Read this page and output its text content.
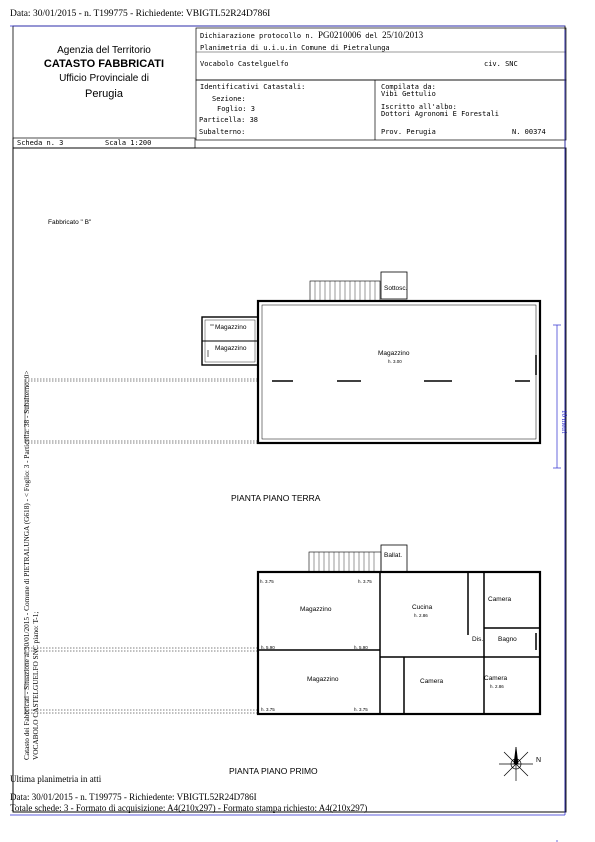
Data: 30/01/2015 - n. T199775 - Richiedente: VBIGTL52R24D786I
Agenzia del Territorio
CATASTO FABBRICATI
Ufficio Provinciale di
Perugia
Dichiarazione protocollo n. PG0210006 del 25/10/2013
Planimetria di u.i.u.in Comune di Pietralunga
Vocabolo Castelguelfo	civ. SNC
Identificativi Catastali:
Sezione:
Foglio: 3
Particella: 38
Subalterno:
Compilata da:
Vibi Gettulio
Iscritto all'albo:
Dottori Agronomi E Forestali
Prov. Perugia	N. 00374
Scheda n. 3	Scala 1:200
Catasto dei Fabbricati - Situazione al 30/01/2015 - Comune di PIETRALUNGA (G618) - < Foglio: 3 - Particella: 38 - Subalterno: 0> VOCABOLO CASTELGUELFO SNC piano: T-1;
10 metri
Fabbricato " B"
Sottosc.
Magazzino
Magazzino
Magazzino
h. 3.00
PIANTA PIANO TERRA
Ballat.
Magazzino
Magazzino
Cucina
h. 2.86
Camera
Camera	Camera
h. 2.86
Dis. Bagno
h. 3.75	h. 3.75
h. 5.90	h. 5.90
h. 3.75	h. 3.75
PIANTA PIANO PRIMO
N
Ultima planimetria in atti
Data: 30/01/2015 - n. T199775 - Richiedente: VBIGTL52R24D786I
Totale schede: 3 - Formato di acquisizione: A4(210x297) - Formato stampa richiesto: A4(210x297)
